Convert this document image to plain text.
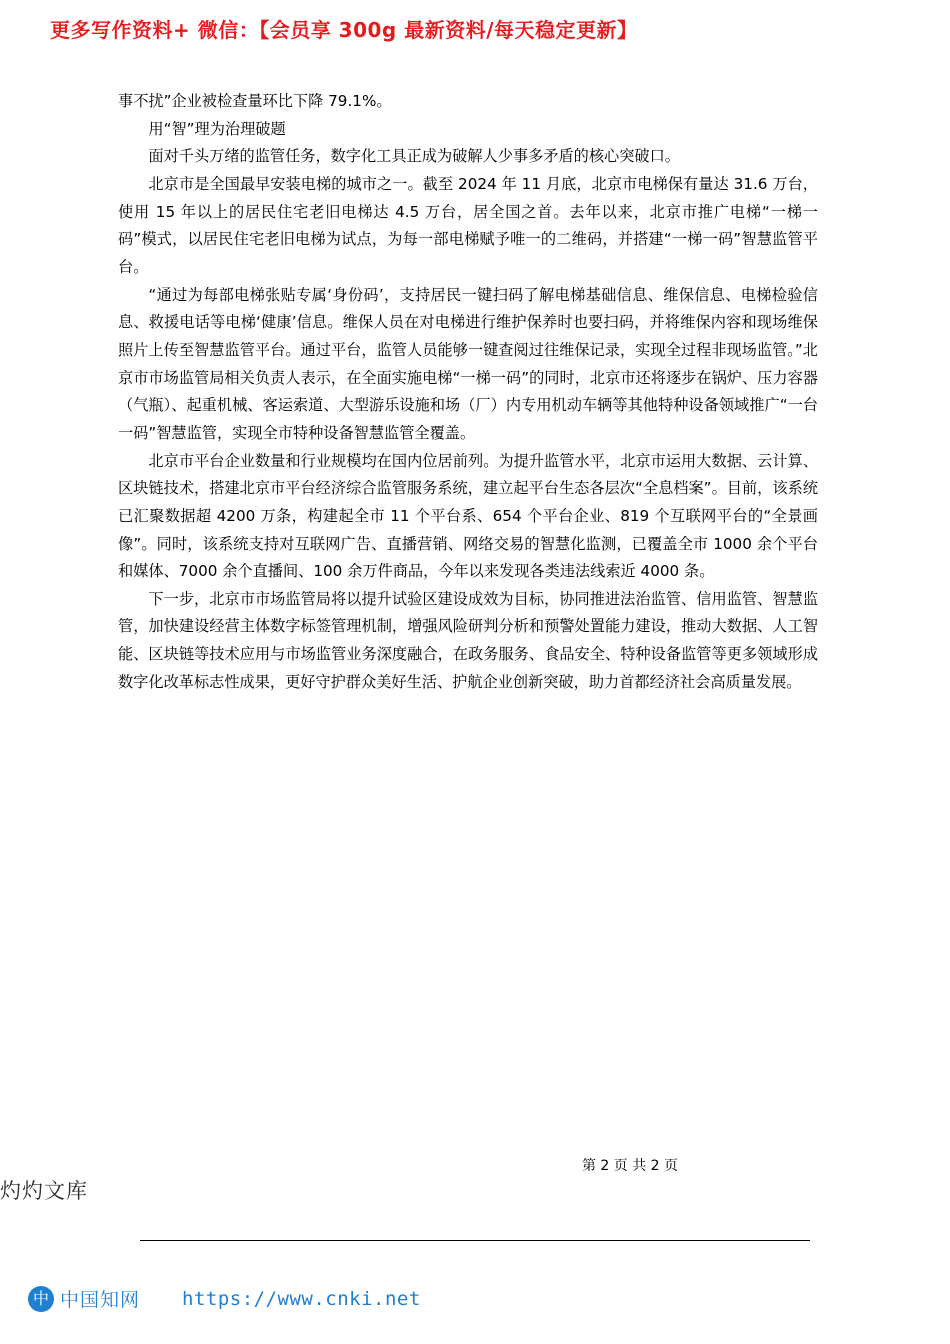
更多写作资料+ 微信：【会员享 300g 最新资料/每天稳定更新】

事不扰”企业被检查量环比下降 79.1%。

用“智”理为治理破题

面对千头万绪的监管任务，数字化工具正成为破解人少事多矛盾的核心突破口。

北京市是全国最早安装电梯的城市之一。截至 2024 年 11 月底，北京市电梯保有量达 31.6 万台，使用 15 年以上的居民住宅老旧电梯达 4.5 万台，居全国之首。去年以来，北京市推广电梯“一梯一码”模式，以居民住宅老旧电梯为试点，为每一部电梯赋予唯一的二维码，并搭建“一梯一码”智慧监管平台。

“通过为每部电梯张贴专属‘身份码’，支持居民一键扫码了解电梯基础信息、维保信息、电梯检验信息、救援电话等电梯‘健康’信息。维保人员在对电梯进行维护保养时也要扫码，并将维保内容和现场维保照片上传至智慧监管平台。通过平台，监管人员能够一键查阅过往维保记录，实现全过程非现场监管。”北京市市场监管局相关负责人表示，在全面实施电梯“一梯一码”的同时，北京市还将逐步在锅炉、压力容器（气瓶）、起重机械、客运索道、大型游乐设施和场（厂）内专用机动车辆等其他特种设备领域推广“一台一码”智慧监管，实现全市特种设备智慧监管全覆盖。

北京市平台企业数量和行业规模均在国内位居前列。为提升监管水平，北京市运用大数据、云计算、区块链技术，搭建北京市平台经济综合监管服务系统，建立起平台生态各层次“全息档案”。目前，该系统已汇聚数据超 4200 万条，构建起全市 11 个平台系、654 个平台企业、819 个互联网平台的“全景画像”。同时，该系统支持对互联网广告、直播营销、网络交易的智慧化监测，已覆盖全市 1000 余个平台和媒体、7000 余个直播间、100 余万件商品，今年以来发现各类违法线索近 4000 条。

下一步，北京市市场监管局将以提升试验区建设成效为目标，协同推进法治监管、信用监管、智慧监管，加快建设经营主体数字标签管理机制，增强风险研判分析和预警处置能力建设，推动大数据、人工智能、区块链等技术应用与市场监管业务深度融合，在政务服务、食品安全、特种设备监管等更多领域形成数字化改革标志性成果，更好守护群众美好生活、护航企业创新突破，助力首都经济社会高质量发展。

第 2 页 共 2 页
灼灼文库
中 中国知网 https://www.cnki.net
